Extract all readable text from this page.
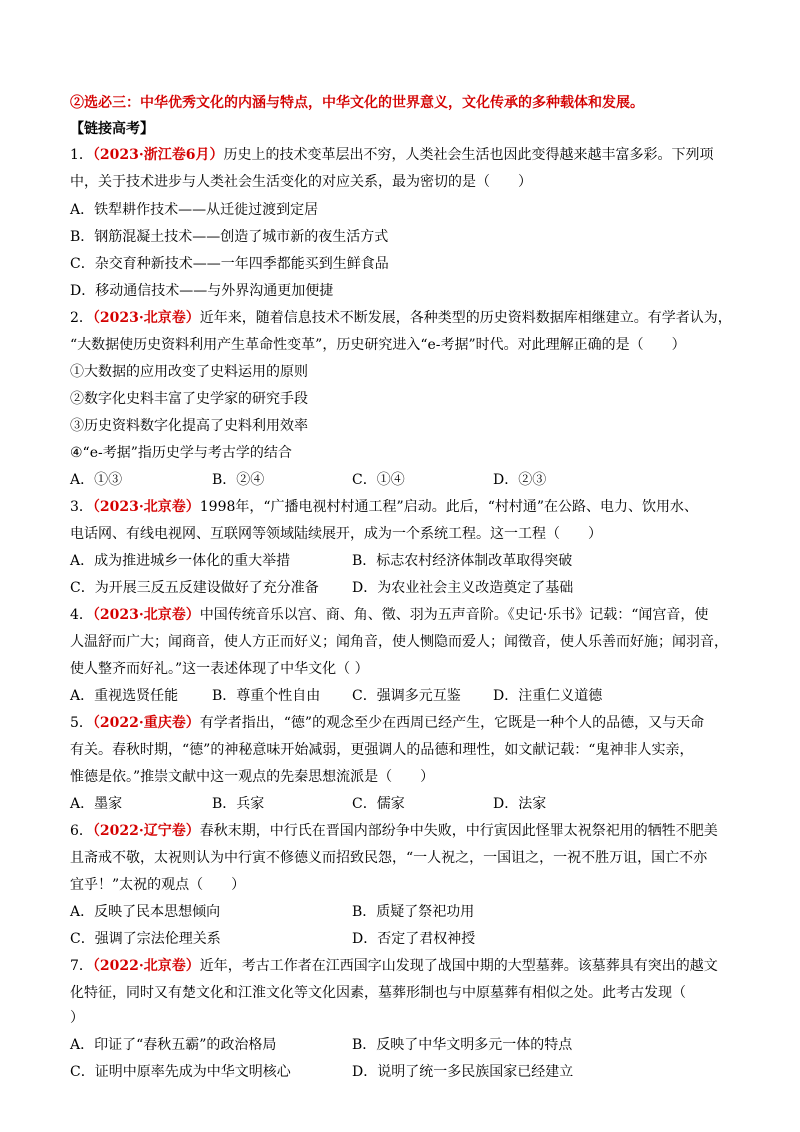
②选必三：中华优秀文化的内涵与特点，中华文化的世界意义，文化传承的多种载体和发展。
【链接高考】
1．（2023·浙江卷6月）历史上的技术变革层出不穷，人类社会生活也因此变得越来越丰富多彩。下列项
中，关于技术进步与人类社会生活变化的对应关系，最为密切的是（　　）
A．铁犁耕作技术——从迁徙过渡到定居
B．钢筋混凝土技术——创造了城市新的夜生活方式
C．杂交育种新技术——一年四季都能买到生鲜食品
D．移动通信技术——与外界沟通更加便捷
2．（2023·北京卷）近年来，随着信息技术不断发展，各种类型的历史资料数据库相继建立。有学者认为，
“大数据使历史资料利用产生革命性变革”，历史研究进入“e-考据”时代。对此理解正确的是（　　）
①大数据的应用改变了史料运用的原则
②数字化史料丰富了史学家的研究手段
③历史资料数字化提高了史料利用效率
④“e-考据”指历史学与考古学的结合
A．①③	B．②④	C．①④	D．②③
3．（2023·北京卷）1998年，“广播电视村村通工程”启动。此后，“村村通”在公路、电力、饮用水、
电话网、有线电视网、互联网等领域陆续展开，成为一个系统工程。这一工程（　　）
A．成为推进城乡一体化的重大举措	B．标志农村经济体制改革取得突破
C．为开展三反五反建设做好了充分准备 D．为农业社会主义改造奠定了基础
4．（2023·北京卷）中国传统音乐以宫、商、角、徵、羽为五声音阶。《史记·乐书》记载：“闻宫音，使
人温舒而广大；闻商音，使人方正而好义；闻角音，使人恻隐而爱人；闻徵音，使人乐善而好施；闻羽音，
使人整齐而好礼。”这一表述体现了中华文化（ ）
A．重视选贤任能 B．尊重个性自由 C．强调多元互鉴 D．注重仁义道德
5．（2022·重庆卷）有学者指出，“德”的观念至少在西周已经产生，它既是一种个人的品德，又与天命
有关。春秋时期，“德”的神秘意味开始减弱，更强调人的品德和理性，如文献记载：“鬼神非人实亲，
惟德是依。”推崇文献中这一观点的先秦思想流派是（　　）
A．墨家	B．兵家	C．儒家	D．法家
6．（2022·辽宁卷）春秋末期，中行氏在晋国内部纷争中失败，中行寅因此怪罪太祝祭祀用的牺牲不肥美
且斋戒不敬，太祝则认为中行寅不修德义而招致民怨，“一人祝之，一国诅之，一祝不胜万诅，国亡不亦
宜乎！”太祝的观点（　　）
A．反映了民本思想倾向	B．质疑了祭祀功用
C．强调了宗法伦理关系	D．否定了君权神授
7．（2022·北京卷）近年，考古工作者在江西国字山发现了战国中期的大型墓葬。该墓葬具有突出的越文
化特征，同时又有楚文化和江淮文化等文化因素，墓葬形制也与中原墓葬有相似之处。此考古发现（
）
A．印证了“春秋五霸”的政治格局	B．反映了中华文明多元一体的特点
C．证明中原率先成为中华文明核心	D．说明了统一多民族国家已经建立
